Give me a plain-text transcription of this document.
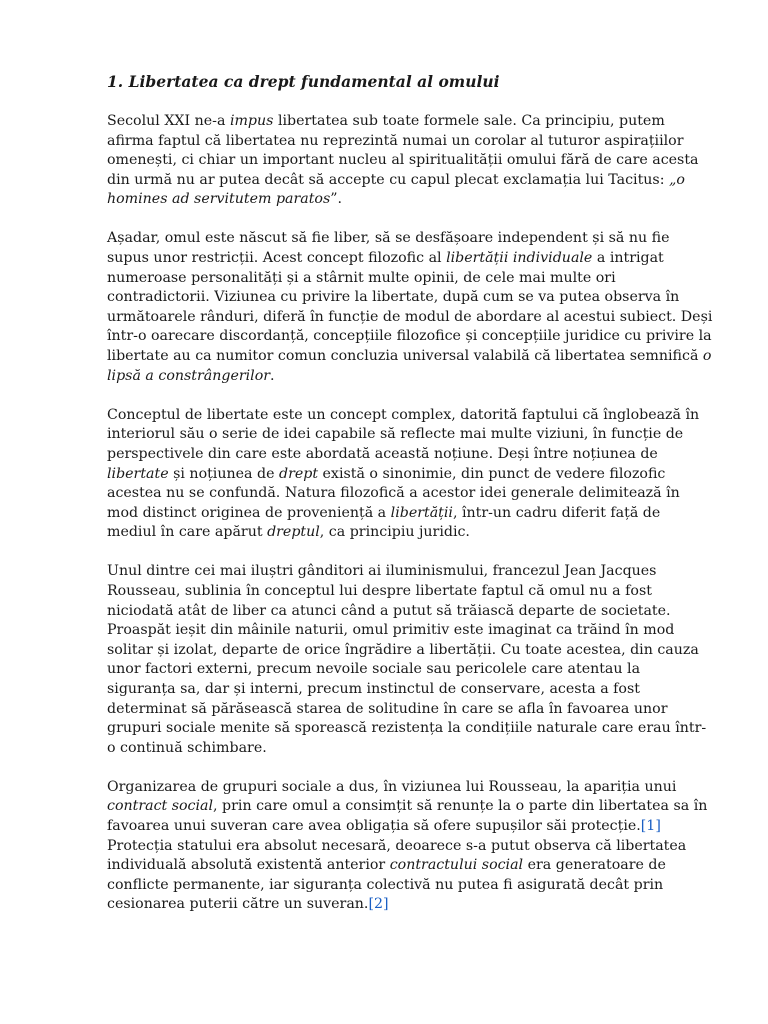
1. Libertatea ca drept fundamental al omului

Secolul XXI ne-a impus libertatea sub toate formele sale. Ca principiu, putem afirma faptul că libertatea nu reprezintă numai un corolar al tuturor aspirațiilor omenești, ci chiar un important nucleu al spiritualității omului fără de care acesta din urmă nu ar putea decât să accepte cu capul plecat exclamația lui Tacitus: „o homines ad servitutem paratos”.

Așadar, omul este născut să fie liber, să se desfășoare independent și să nu fie supus unor restricții. Acest concept filozofic al libertății individuale a intrigat numeroase personalități și a stârnit multe opinii, de cele mai multe ori contradictorii. Viziunea cu privire la libertate, după cum se va putea observa în următoarele rânduri, diferă în funcție de modul de abordare al acestui subiect. Deși într-o oarecare discordanță, concepțiile filozofice și concepțiile juridice cu privire la libertate au ca numitor comun concluzia universal valabilă că libertatea semnifică o lipsă a constrângerilor.

Conceptul de libertate este un concept complex, datorită faptului că înglobează în interiorul său o serie de idei capabile să reflecte mai multe viziuni, în funcție de perspectivele din care este abordată această noțiune. Deși între noțiunea de libertate și noțiunea de drept există o sinonimie, din punct de vedere filozofic acestea nu se confundă. Natura filozofică a acestor idei generale delimitează în mod distinct originea de proveniență a libertății, într-un cadru diferit față de mediul în care apărut dreptul, ca principiu juridic.

Unul dintre cei mai iluștri gânditori ai iluminismului, francezul Jean Jacques Rousseau, sublinia în conceptul lui despre libertate faptul că omul nu a fost niciodată atât de liber ca atunci când a putut să trăiască departe de societate. Proaspăt ieșit din mâinile naturii, omul primitiv este imaginat ca trăind în mod solitar și izolat, departe de orice îngrădire a libertății. Cu toate acestea, din cauza unor factori externi, precum nevoile sociale sau pericolele care atentau la siguranța sa, dar și interni, precum instinctul de conservare, acesta a fost determinat să părăsească starea de solitudine în care se afla în favoarea unor grupuri sociale menite să sporească rezistența la condițiile naturale care erau într-o continuă schimbare.

Organizarea de grupuri sociale a dus, în viziunea lui Rousseau, la apariția unui contract social, prin care omul a consimțit să renunțe la o parte din libertatea sa în favoarea unui suveran care avea obligația să ofere supușilor săi protecție.[1] Protecția statului era absolut necesară, deoarece s-a putut observa că libertatea individuală absolută existentă anterior contractului social era generatoare de conflicte permanente, iar siguranța colectivă nu putea fi asigurată decât prin cesionarea puterii către un suveran.[2]
